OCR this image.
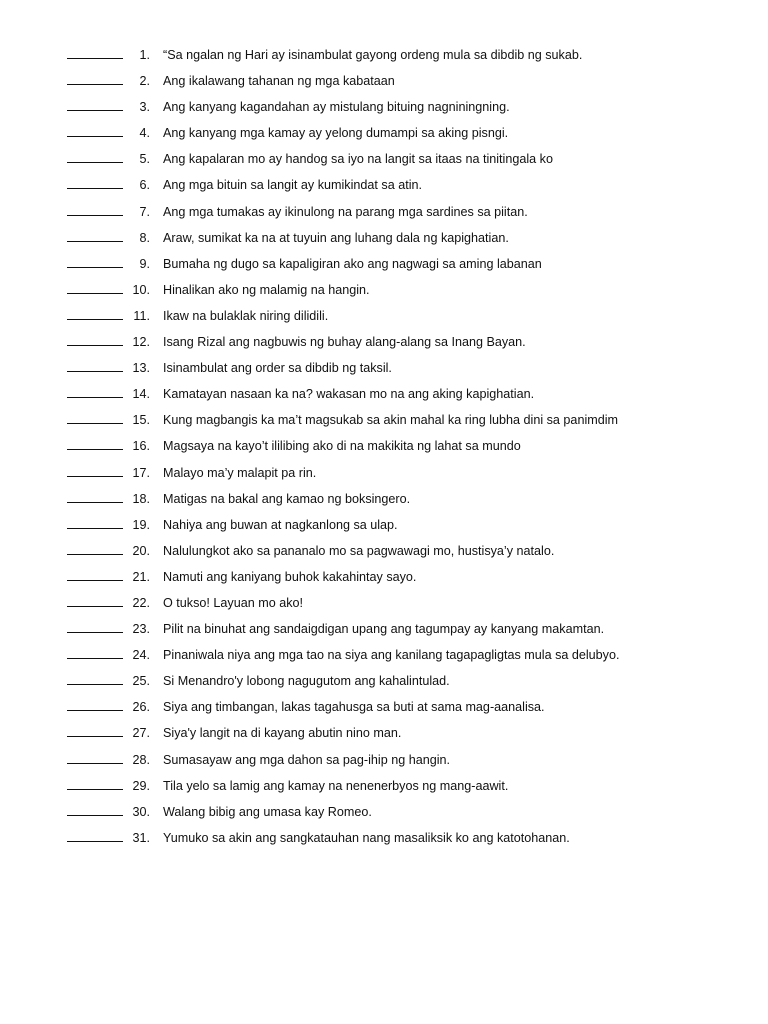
1. “Sa ngalan ng Hari ay isinambulat gayong ordeng mula sa dibdib ng sukab.
2. Ang ikalawang tahanan ng mga kabataan
3. Ang kanyang kagandahan ay mistulang bituing nagniningning.
4. Ang kanyang mga kamay ay yelong dumampi sa aking pisngi.
5. Ang kapalaran mo ay handog sa iyo na langit sa itaas na tinitingala ko
6. Ang mga bituin sa langit ay kumikindat sa atin.
7. Ang mga tumakas ay ikinulong na parang mga sardines sa piitan.
8. Araw, sumikat ka na at tuyuin ang luhang dala ng kapighatian.
9. Bumaha ng dugo sa kapaligiran ako ang nagwagi sa aming labanan
10. Hinalikan ako ng malamig na hangin.
11. Ikaw na bulaklak niring dilidili.
12. Isang Rizal ang nagbuwis ng buhay alang-alang sa Inang Bayan.
13. Isinambulat ang order sa dibdib ng taksil.
14. Kamatayan nasaan ka na? wakasan mo na ang aking kapighatian.
15. Kung magbangis ka ma’t magsukab sa akin mahal ka ring lubha dini sa panimdim
16. Magsaya na kayo’t ililibing ako di na makikita ng lahat sa mundo
17. Malayo ma’y malapit pa rin.
18. Matigas na bakal ang kamao ng boksingero.
19. Nahiya ang buwan at nagkanlong sa ulap.
20. Nalulungkot ako sa pananalo mo sa pagwawagi mo, hustisya’y natalo.
21. Namuti ang kaniyang buhok kakahintay sayo.
22. O tukso! Layuan mo ako!
23. Pilit na binuhat ang sandaigdigan upang ang tagumpay ay kanyang makamtan.
24. Pinaniwala niya ang mga tao na siya ang kanilang tagapagligtas mula sa delubyo.
25. Si Menandro'y lobong nagugutom ang kahalintulad.
26. Siya ang timbangan, lakas tagahusga sa buti at sama mag-aanalisa.
27. Siya'y langit na di kayang abutin nino man.
28. Sumasayaw ang mga dahon sa pag-ihip ng hangin.
29. Tila yelo sa lamig ang kamay na nenenerbyos ng mang-aawit.
30. Walang bibig ang umasa kay Romeo.
31. Yumuko sa akin ang sangkatauhan nang masaliksik ko ang katotohanan.
